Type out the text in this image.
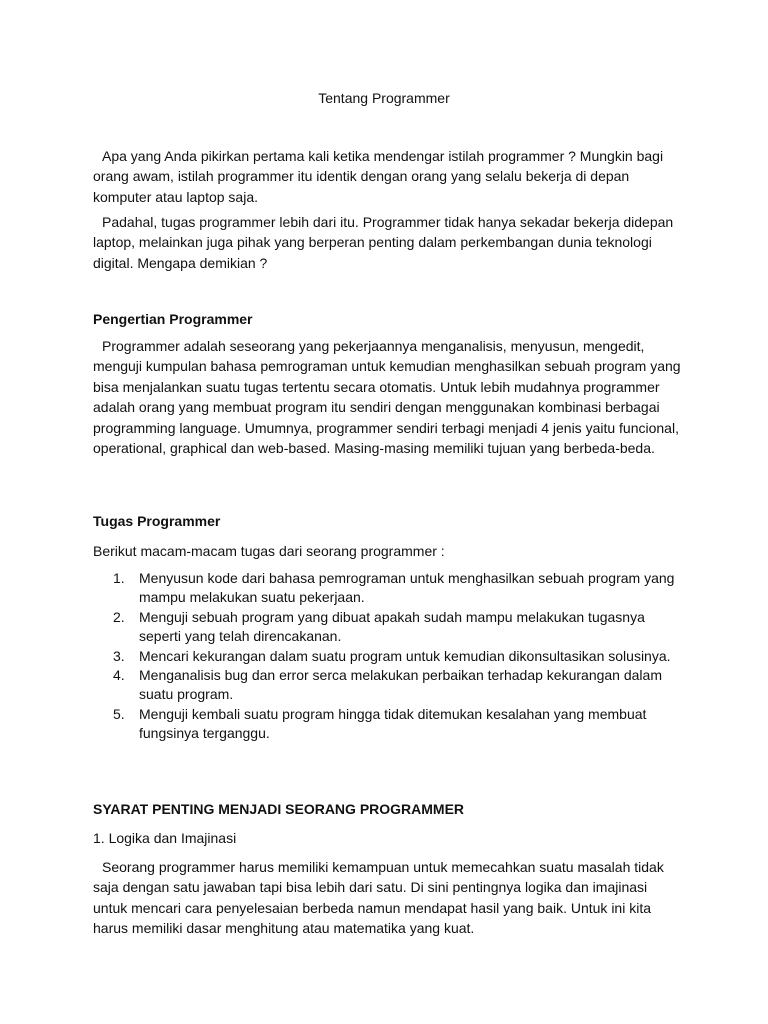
Tentang Programmer

Apa yang Anda pikirkan pertama kali ketika mendengar istilah programmer ? Mungkin bagi orang awam, istilah programmer itu identik dengan orang yang selalu bekerja di depan komputer atau laptop saja.

Padahal, tugas programmer lebih dari itu. Programmer tidak hanya sekadar bekerja didepan laptop, melainkan juga pihak yang berperan penting dalam perkembangan dunia teknologi digital. Mengapa demikian ?

Pengertian Programmer

Programmer adalah seseorang yang pekerjaannya menganalisis, menyusun, mengedit, menguji kumpulan bahasa pemrograman untuk kemudian menghasilkan sebuah program yang bisa menjalankan suatu tugas tertentu secara otomatis. Untuk lebih mudahnya programmer adalah orang yang membuat program itu sendiri dengan menggunakan kombinasi berbagai programming language. Umumnya, programmer sendiri terbagi menjadi 4 jenis yaitu funcional, operational, graphical dan web-based. Masing-masing memiliki tujuan yang berbeda-beda.

Tugas Programmer
Berikut macam-macam tugas dari seorang programmer :
1. Menyusun kode dari bahasa pemrograman untuk menghasilkan sebuah program yang mampu melakukan suatu pekerjaan.
2. Menguji sebuah program yang dibuat apakah sudah mampu melakukan tugasnya seperti yang telah direncakanan.
3. Mencari kekurangan dalam suatu program untuk kemudian dikonsultasikan solusinya.
4. Menganalisis bug dan error serca melakukan perbaikan terhadap kekurangan dalam suatu program.
5. Menguji kembali suatu program hingga tidak ditemukan kesalahan yang membuat fungsinya terganggu.
SYARAT PENTING MENJADI SEORANG PROGRAMMER
1. Logika dan Imajinasi

Seorang programmer harus memiliki kemampuan untuk memecahkan suatu masalah tidak saja dengan satu jawaban tapi bisa lebih dari satu. Di sini pentingnya logika dan imajinasi untuk mencari cara penyelesaian berbeda namun mendapat hasil yang baik. Untuk ini kita harus memiliki dasar menghitung atau matematika yang kuat.
